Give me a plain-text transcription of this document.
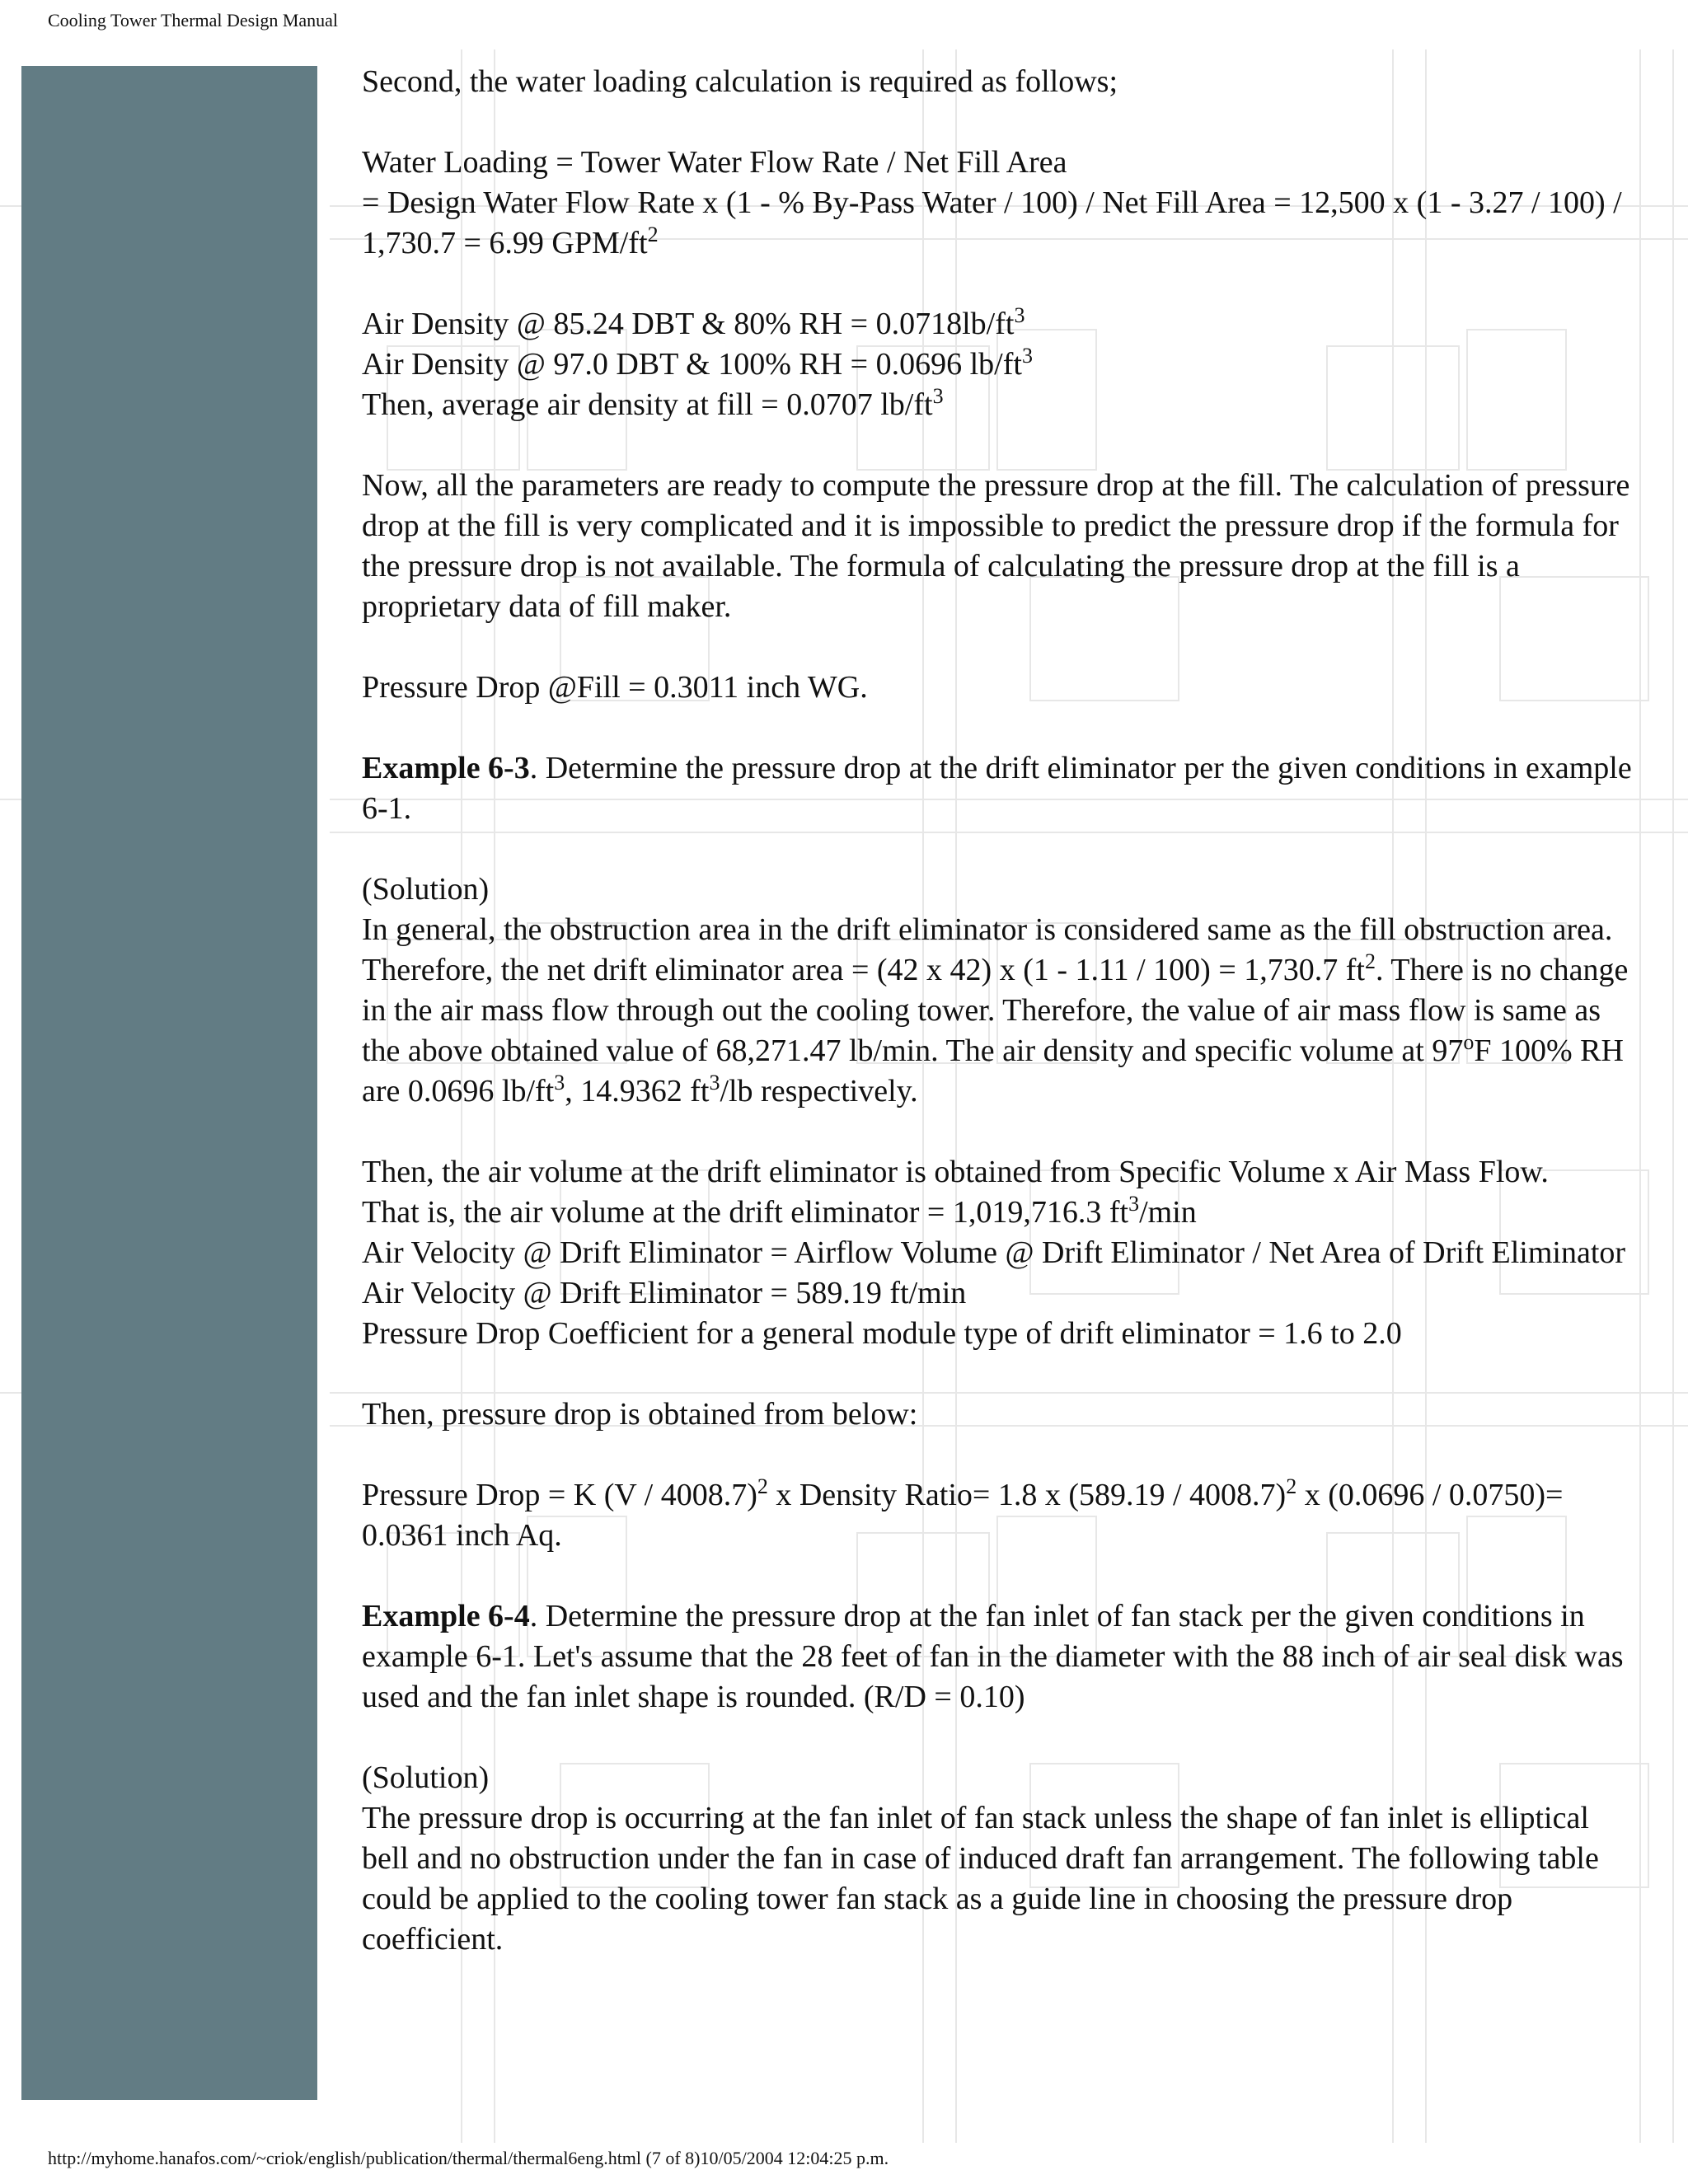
Cooling Tower Thermal Design Manual

Second, the water loading calculation is required as follows;

Water Loading = Tower Water Flow Rate / Net Fill Area
= Design Water Flow Rate x (1 - % By-Pass Water / 100) / Net Fill Area = 12,500 x (1 - 3.27 / 100) / 1,730.7 = 6.99 GPM/$ft^2$

Air Density @ 85.24 DBT & 80% RH = $0.0718lb/ft^3$
Air Density @ 97.0 DBT & 100% RH = 0.0696 $lb/ft^3$
Then, average air density at fill = 0.0707 $lb/ft^3$

Now, all the parameters are ready to compute the pressure drop at the fill. The calculation of pressure drop at the fill is very complicated and it is impossible to predict the pressure drop if the formula for the pressure drop is not available. The formula of calculating the pressure drop at the fill is a proprietary data of fill maker.

Pressure Drop @Fill = 0.3011 inch WG.

Example 6-3. Determine the pressure drop at the drift eliminator per the given conditions in example 6-1.

(Solution)
In general, the obstruction area in the drift eliminator is considered same as the fill obstruction area. Therefore, the net drift eliminator area = (42 x 42) x (1 - 1.11 / 100) = 1,730.7 $ft^2$. There is no change in the air mass flow through out the cooling tower. Therefore, the value of air mass flow is same as the above obtained value of 68,271.47 lb/min. The air density and specific volume at 97$^o$F 100% RH are 0.0696 $lb/ft^3$, 14.9362 $ft^3/lb$ respectively.

Then, the air volume at the drift eliminator is obtained from Specific Volume x Air Mass Flow.
That is, the air volume at the drift eliminator = 1,019,716.3 $ft^3/\min$
Air Velocity @ Drift Eliminator = Airflow Volume @ Drift Eliminator / Net Area of Drift Eliminator
Air Velocity @ Drift Eliminator = 589.19 ft/min
Pressure Drop Coefficient for a general module type of drift eliminator = 1.6 to 2.0

Then, pressure drop is obtained from below:

Pressure Drop = K (V / 4008.7)$^2$ x Density Ratio= 1.8 x (589.19 / 4008.7)$^2$ x (0.0696 / 0.0750)= 0.0361 inch Aq.

Example 6-4. Determine the pressure drop at the fan inlet of fan stack per the given conditions in example 6-1. Let's assume that the 28 feet of fan in the diameter with the 88 inch of air seal disk was used and the fan inlet shape is rounded. (R/D = 0.10)

(Solution)
The pressure drop is occurring at the fan inlet of fan stack unless the shape of fan inlet is elliptical bell and no obstruction under the fan in case of induced draft fan arrangement. The following table could be applied to the cooling tower fan stack as a guide line in choosing the pressure drop coefficient.

http://myhome.hanafos.com/~criok/english/publication/thermal/thermal6eng.html (7 of 8)10/05/2004 12:04:25 p.m.
